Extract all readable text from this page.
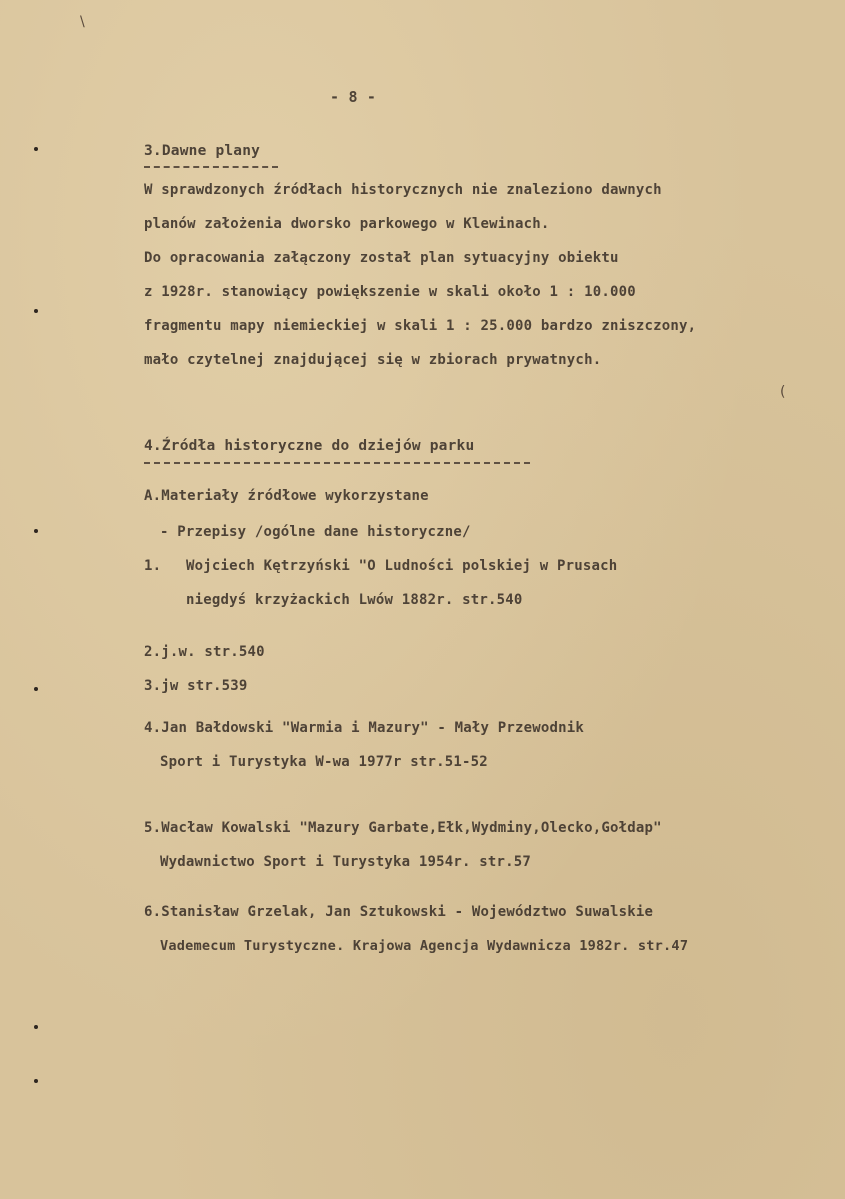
\
(
- 8 -
3.Dawne plany
W sprawdzonych źródłach historycznych nie znaleziono dawnych
planów założenia dworsko parkowego w Klewinach.
Do opracowania załączony został plan sytuacyjny obiektu
z 1928r. stanowiący powiększenie w skali około 1 : 10.000
fragmentu mapy niemieckiej w skali 1 : 25.000 bardzo zniszczony,
mało czytelnej znajdującej się w zbiorach prywatnych.
4.Źródła historyczne do dziejów parku
A.Materiały źródłowe wykorzystane
- Przepisy /ogólne dane historyczne/
1. Wojciech Kętrzyński "O Ludności polskiej w Prusach
niegdyś krzyżackich Lwów 1882r. str.540
2.j.w. str.540
3.jw str.539
4.Jan Bałdowski "Warmia i Mazury" - Mały Przewodnik
Sport i Turystyka W-wa 1977r str.51-52
5.Wacław Kowalski "Mazury Garbate,Ełk,Wydminy,Olecko,Gołdap"
Wydawnictwo Sport i Turystyka 1954r. str.57
6.Stanisław Grzelak, Jan Sztukowski - Województwo Suwalskie
Vademecum Turystyczne. Krajowa Agencja Wydawnicza 1982r. str.47
